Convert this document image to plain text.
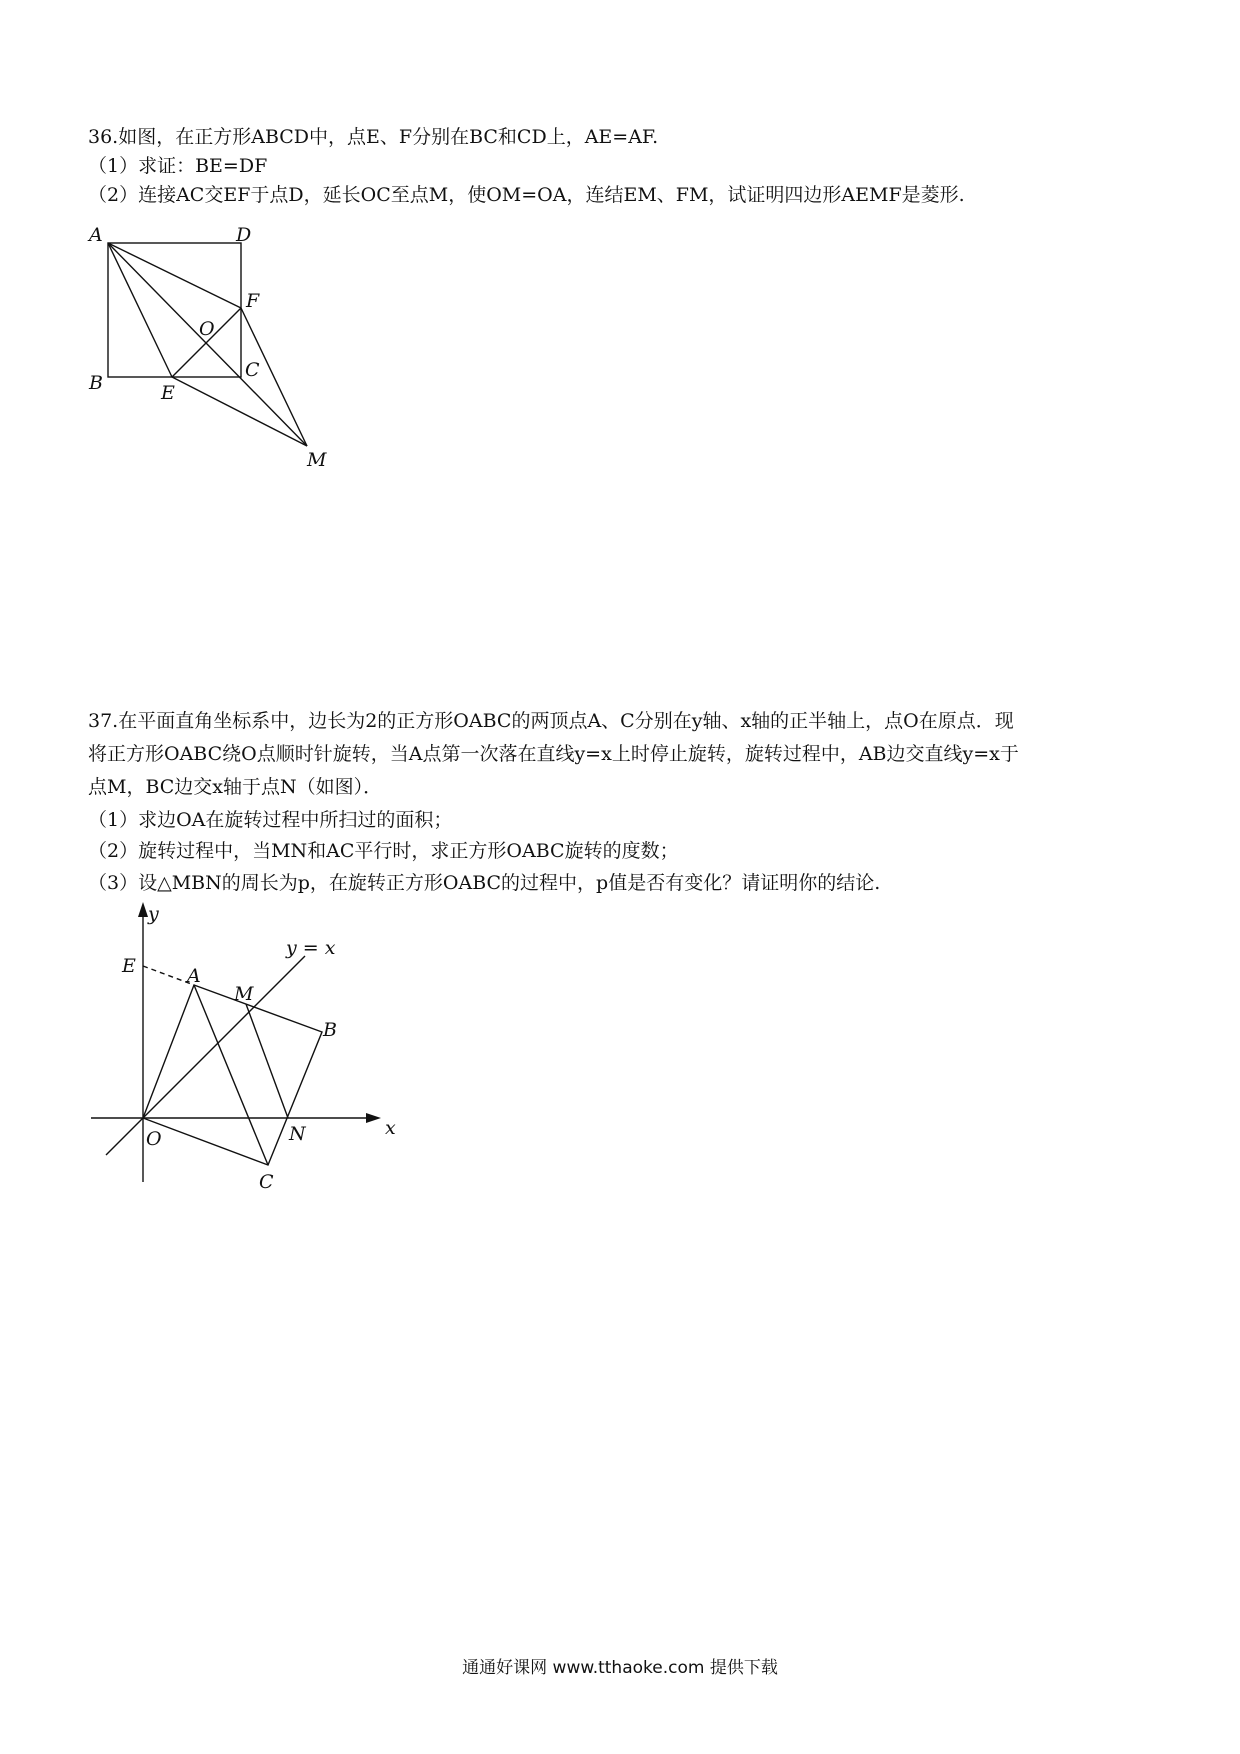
36.如图，在正方形ABCD中，点E、F分别在BC和CD上，AE=AF.

（1）求证：BE=DF

（2）连接AC交EF于点D，延长OC至点M，使OM=OA，连结EM、FM，试证明四边形AEMF是菱形.

A	D
F
O
C
B	E
M

37.在平面直角坐标系中，边长为2的正方形OABC的两顶点A、C分别在y轴、x轴的正半轴上，点O在原点．现

将正方形OABC绕O点顺时针旋转，当A点第一次落在直线y=x上时停止旋转，旋转过程中，AB边交直线y=x于

点M，BC边交x轴于点N（如图）．

（1）求边OA在旋转过程中所扫过的面积；

（2）旋转过程中，当MN和AC平行时，求正方形OABC旋转的度数；

（3）设△MBN的周长为p，在旋转正方形OABC的过程中，p值是否有变化？请证明你的结论.

y
x
y = x
E	A
M
B
O	N
C
通通好课网 www.tthaoke.com 提供下载
